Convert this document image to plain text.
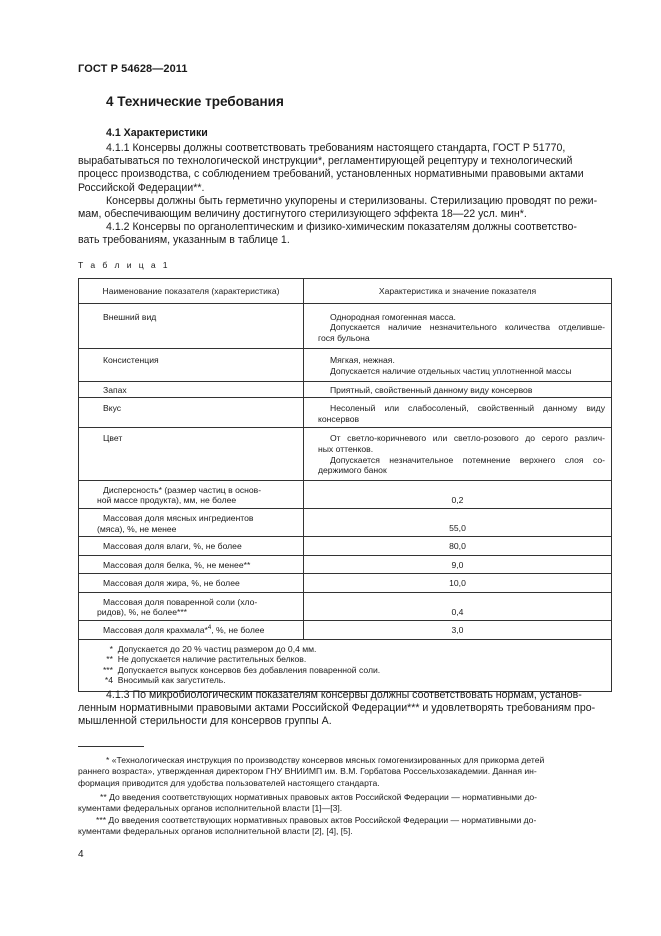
ГОСТ Р 54628—2011
4 Технические требования
4.1 Характеристики
4.1.1 Консервы должны соответствовать требованиям настоящего стандарта, ГОСТ Р 51770,
вырабатываться по технологической инструкции*, регламентирующей рецептуру и технологический
процесс производства, с соблюдением требований, установленных нормативными правовыми актами
Российской Федерации**.
Консервы должны быть герметично укупорены и стерилизованы. Стерилизацию проводят по режи-
мам, обеспечивающим величину достигнутого стерилизующего эффекта 18—22 усл. мин*.
4.1.2 Консервы по органолептическим и физико-химическим показателям должны соответство-
вать требованиям, указанным в таблице 1.
Т а б л и ц а 1
Наименование показателя (характеристика)	Характеристика и значение показателя

Внешний вид	Однородная гомогенная масса.
Допускается наличие незначительного количества отделивше-
гося бульона

Консистенция	Мягкая, нежная.
Допускается наличие отдельных частиц уплотненной массы

Запах	Приятный, свойственный данному виду консервов

Вкус	Несоленый или слабосоленый, свойственный данному виду
консервов

Цвет	От светло-коричневого или светло-розового до серого различ-
ных оттенков.
Допускается незначительное потемнение верхнего слоя со-
держимого банок

Дисперсность* (размер частиц в основ-
ной массе продукта), мм, не более	0,2

Массовая доля мясных ингредиентов
(мяса), %, не менее	55,0

Массовая доля влаги, %, не более	80,0

Массовая доля белка, %, не менее**	9,0

Массовая доля жира, %, не более	10,0

Массовая доля поваренной соли (хло-
ридов), %, не более***	0,4

Массовая доля крахмала*$^4$, %, не более	3,0

* Допускается до 20 % частиц размером до 0,4 мм.
** Не допускается наличие растительных белков.
*** Допускается выпуск консервов без добавления поваренной соли.
*4 Вносимый как загуститель.	
4.1.3 По микробиологическим показателям консервы должны соответствовать нормам, установ-
ленным нормативными правовыми актами Российской Федерации*** и удовлетворять требованиям про-
мышленной стерильности для консервов группы А.
* «Технологическая инструкция по производству консервов мясных гомогенизированных для прикорма детей
раннего возраста», утвержденная директором ГНУ ВНИИМП им. В.М. Горбатова Россельхозакадемии. Данная ин-
формация приводится для удобства пользователей настоящего стандарта.
** До введения соответствующих нормативных правовых актов Российской Федерации — нормативными до-
кументами федеральных органов исполнительной власти [1]—[3].
*** До введения соответствующих нормативных правовых актов Российской Федерации — нормативными до-
кументами федеральных органов исполнительной власти [2], [4], [5].
4
